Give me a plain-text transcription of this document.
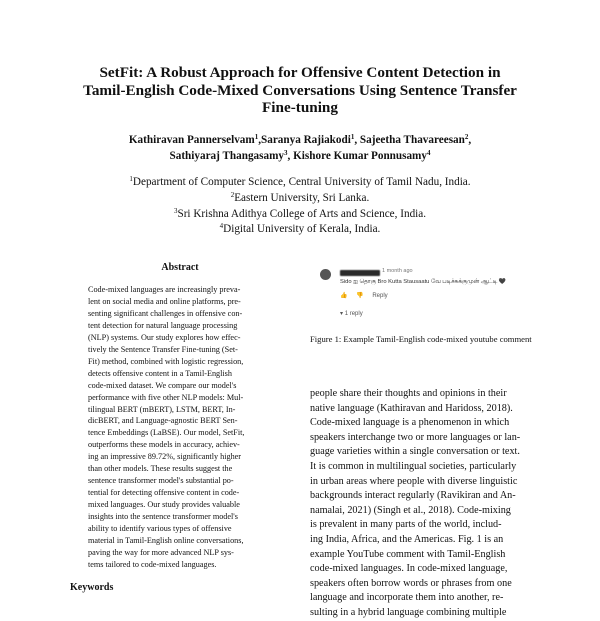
SetFit: A Robust Approach for Offensive Content Detection in
Tamil-English Code-Mixed Conversations Using Sentence Transfer
Fine-tuning
Kathiravan Pannerselvam$^1$,Saranya Rajiakodi$^1$, Sajeetha Thavareesan$^2$,
Sathiyaraj Thangasamy$^3$, Kishore Kumar Ponnusamy$^4$
$^1$Department of Computer Science, Central University of Tamil Nadu, India.
$^2$Eastern University, Sri Lanka.
$^3$Sri Krishna Adithya College of Arts and Science, India.
$^4$Digital University of Kerala, India.
Abstract
Code-mixed languages are increasingly preva-
lent on social media and online platforms, pre-
senting significant challenges in offensive con-
tent detection for natural language processing
(NLP) systems. Our study explores how effec-
tively the Sentence Transfer Fine-tuning (Set-
Fit) method, combined with logistic regression,
detects offensive content in a Tamil-English
code-mixed dataset. We compare our model's
performance with five other NLP models: Mul-
tilingual BERT (mBERT), LSTM, BERT, In-
dicBERT, and Language-agnostic BERT Sen-
tence Embeddings (LaBSE). Our model, SetFit,
outperforms these models in accuracy, achiev-
ing an impressive 89.72%, significantly higher
than other models. These results suggest the
sentence transformer model's substantial po-
tential for detecting offensive content in code-
mixed languages. Our study provides valuable
insights into the sentence transformer model's
ability to identify various types of offensive
material in Tamil-English online conversations,
paving the way for more advanced NLP sys-
tems tailored to code-mixed languages.
Keywords
1 month ago
Sido ஐ தொகு Bro Kutta Stausaatu வே படிச்சுக்குமுன் ஆட்டி 🖤
👍 👎 Reply
▾ 1 reply
Figure 1: Example Tamil-English code-mixed youtube comment
people share their thoughts and opinions in their
native language (Kathiravan and Haridoss, 2018).
Code-mixed language is a phenomenon in which
speakers interchange two or more languages or lan-
guage varieties within a single conversation or text.
It is common in multilingual societies, particularly
in urban areas where people with diverse linguistic
backgrounds interact regularly (Ravikiran and An-
namalai, 2021) (Singh et al., 2018). Code-mixing
is prevalent in many parts of the world, includ-
ing India, Africa, and the Americas. Fig. 1 is an
example YouTube comment with Tamil-English
code-mixed languages. In code-mixed language,
speakers often borrow words or phrases from one
language and incorporate them into another, re-
sulting in a hybrid language combining multiple
